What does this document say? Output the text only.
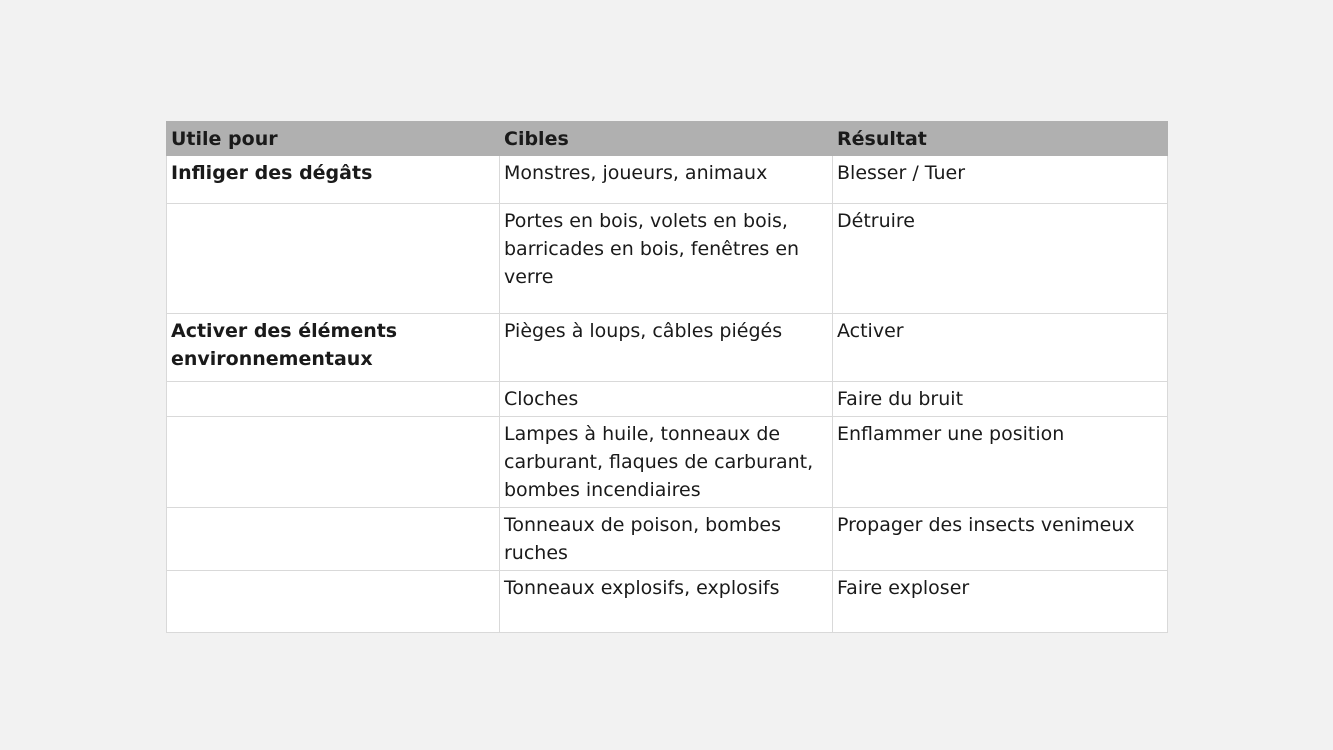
Utile pour	Cibles	Résultat
Infliger des dégâts	Monstres, joueurs, animaux	Blesser / Tuer
	Portes en bois, volets en bois, barricades en bois, fenêtres en verre	Détruire
Activer des éléments environnementaux	Pièges à loups, câbles piégés	Activer
	Cloches	Faire du bruit
	Lampes à huile, tonneaux de carburant, flaques de carburant, bombes incendiaires	Enflammer une position
	Tonneaux de poison, bombes ruches	Propager des insects venimeux
	Tonneaux explosifs, explosifs	Faire exploser
